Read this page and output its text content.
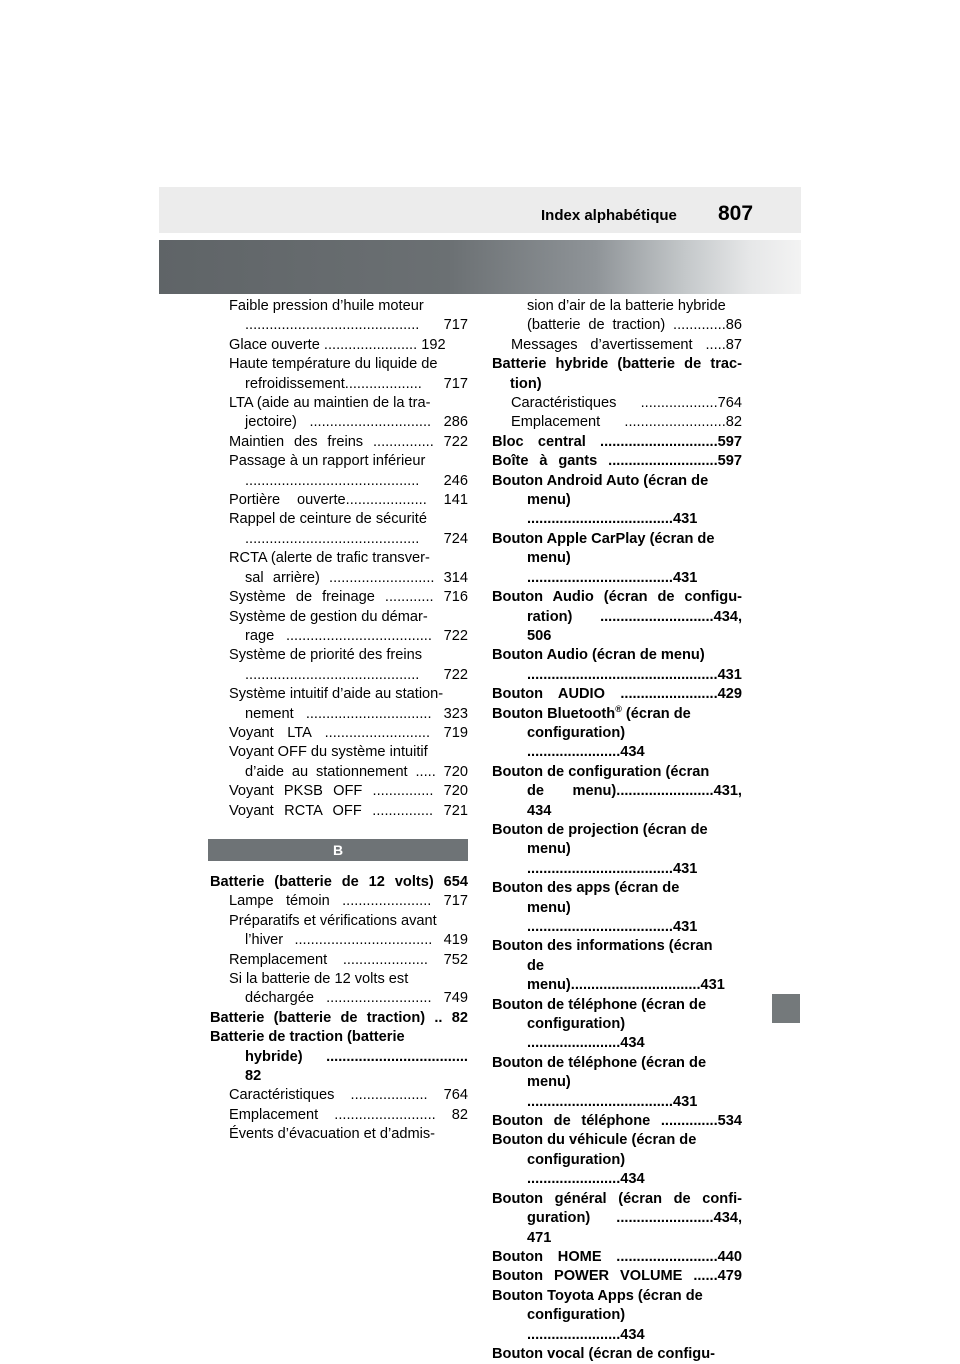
Index alphabétique 807
Faible pression d’huile moteur
........................................... 717
Glace ouverte ....................... 192
Haute température du liquide de
refroidissement................... 717
LTA (aide au maintien de la tra-
jectoire) .............................. 286
Maintien des freins ............... 722
Passage à un rapport inférieur
........................................... 246
Portière ouverte.................... 141
Rappel de ceinture de sécurité
........................................... 724
RCTA (alerte de trafic transver-
sal arrière) .......................... 314
Système de freinage ............ 716
Système de gestion du démar-
rage .................................... 722
Système de priorité des freins
........................................... 722
Système intuitif d’aide au station-
nement ............................... 323
Voyant LTA .......................... 719
Voyant OFF du système intuitif
d’aide au stationnement ..... 720
Voyant PKSB OFF ............... 720
Voyant RCTA OFF ............... 721
B
Batterie (batterie de 12 volts) 654
Lampe témoin ...................... 717
Préparatifs et vérifications avant
l’hiver .................................. 419
Remplacement ..................... 752
Si la batterie de 12 volts est
déchargée .......................... 749
Batterie (batterie de traction) .. 82
Batterie de traction (batterie
hybride) ................................... 82
Caractéristiques ................... 764
Emplacement ......................... 82
Évents d’évacuation et d’admis-
sion d’air de la batterie hybride
(batterie de traction) .............86
Messages d’avertissement .....87
Batterie hybride (batterie de trac-
tion)
Caractéristiques ...................764
Emplacement .........................82
Bloc central .............................597
Boîte à gants ...........................597
Bouton Android Auto (écran de
menu) ....................................431
Bouton Apple CarPlay (écran de
menu) ....................................431
Bouton Audio (écran de configu-
ration) ............................434, 506
Bouton Audio (écran de menu)
...............................................431
Bouton AUDIO ........................429
Bouton Bluetooth® (écran de
configuration) .......................434
Bouton de configuration (écran
de menu)........................431, 434
Bouton de projection (écran de
menu) ....................................431
Bouton des apps (écran de
menu) ....................................431
Bouton des informations (écran
de menu)................................431
Bouton de téléphone (écran de
configuration) .......................434
Bouton de téléphone (écran de
menu) ....................................431
Bouton de téléphone ..............534
Bouton du véhicule (écran de
configuration) .......................434
Bouton général (écran de confi-
guration) ........................434, 471
Bouton HOME .........................440
Bouton POWER VOLUME ......479
Bouton Toyota Apps (écran de
configuration) .......................434
Bouton vocal (écran de configu-
